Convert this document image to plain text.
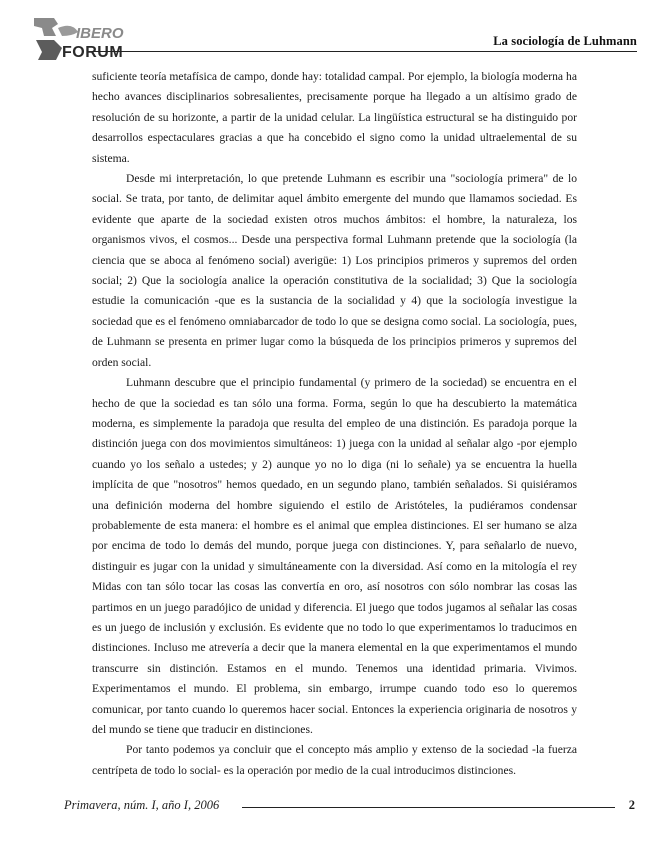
IBERO
FORUM
La sociología de Luhmann

suficiente teoría metafísica de campo, donde hay: totalidad campal. Por ejemplo, la biología moderna ha hecho avances disciplinarios sobresalientes, precisamente porque ha llegado a un altísimo grado de resolución de su horizonte, a partir de la unidad celular. La lingüística estructural se ha distinguido por desarrollos espectaculares gracias a que ha concebido el signo como la unidad ultraelemental de su sistema.

Desde mi interpretación, lo que pretende Luhmann es escribir una "sociología primera" de lo social. Se trata, por tanto, de delimitar aquel ámbito emergente del mundo que llamamos sociedad. Es evidente que aparte de la sociedad existen otros muchos ámbitos: el hombre, la naturaleza, los organismos vivos, el cosmos... Desde una perspectiva formal Luhmann pretende que la sociología (la ciencia que se aboca al fenómeno social) averigüe: 1) Los principios primeros y supremos del orden social; 2) Que la sociología analice la operación constitutiva de la socialidad; 3) Que la sociología estudie la comunicación -que es la sustancia de la socialidad y 4) que la sociología investigue la sociedad que es el fenómeno omniabarcador de todo lo que se designa como social. La sociología, pues, de Luhmann se presenta en primer lugar como la búsqueda de los principios primeros y supremos del orden social.

Luhmann descubre que el principio fundamental (y primero de la sociedad) se encuentra en el hecho de que la sociedad es tan sólo una forma. Forma, según lo que ha descubierto la matemática moderna, es simplemente la paradoja que resulta del empleo de una distinción. Es paradoja porque la distinción juega con dos movimientos simultáneos: 1) juega con la unidad al señalar algo -por ejemplo cuando yo los señalo a ustedes; y 2) aunque yo no lo diga (ni lo señale) ya se encuentra la huella implícita de que "nosotros" hemos quedado, en un segundo plano, también señalados. Si quisiéramos una definición moderna del hombre siguiendo el estilo de Aristóteles, la pudiéramos condensar probablemente de esta manera: el hombre es el animal que emplea distinciones. El ser humano se alza por encima de todo lo demás del mundo, porque juega con distinciones. Y, para señalarlo de nuevo, distinguir es jugar con la unidad y simultáneamente con la diversidad. Así como en la mitología el rey Midas con tan sólo tocar las cosas las convertía en oro, así nosotros con sólo nombrar las cosas las partimos en un juego paradójico de unidad y diferencia. El juego que todos jugamos al señalar las cosas es un juego de inclusión y exclusión. Es evidente que no todo lo que experimentamos lo traducimos en distinciones. Incluso me atrevería a decir que la manera elemental en la que experimentamos el mundo transcurre sin distinción. Estamos en el mundo. Tenemos una identidad primaria. Vivimos. Experimentamos el mundo. El problema, sin embargo, irrumpe cuando todo eso lo queremos comunicar, por tanto cuando lo queremos hacer social. Entonces la experiencia originaria de nosotros y del mundo se tiene que traducir en distinciones.

Por tanto podemos ya concluir que el concepto más amplio y extenso de la sociedad -la fuerza centrípeta de todo lo social- es la operación por medio de la cual introducimos distinciones.

Primavera, núm. I, año I, 2006	2
